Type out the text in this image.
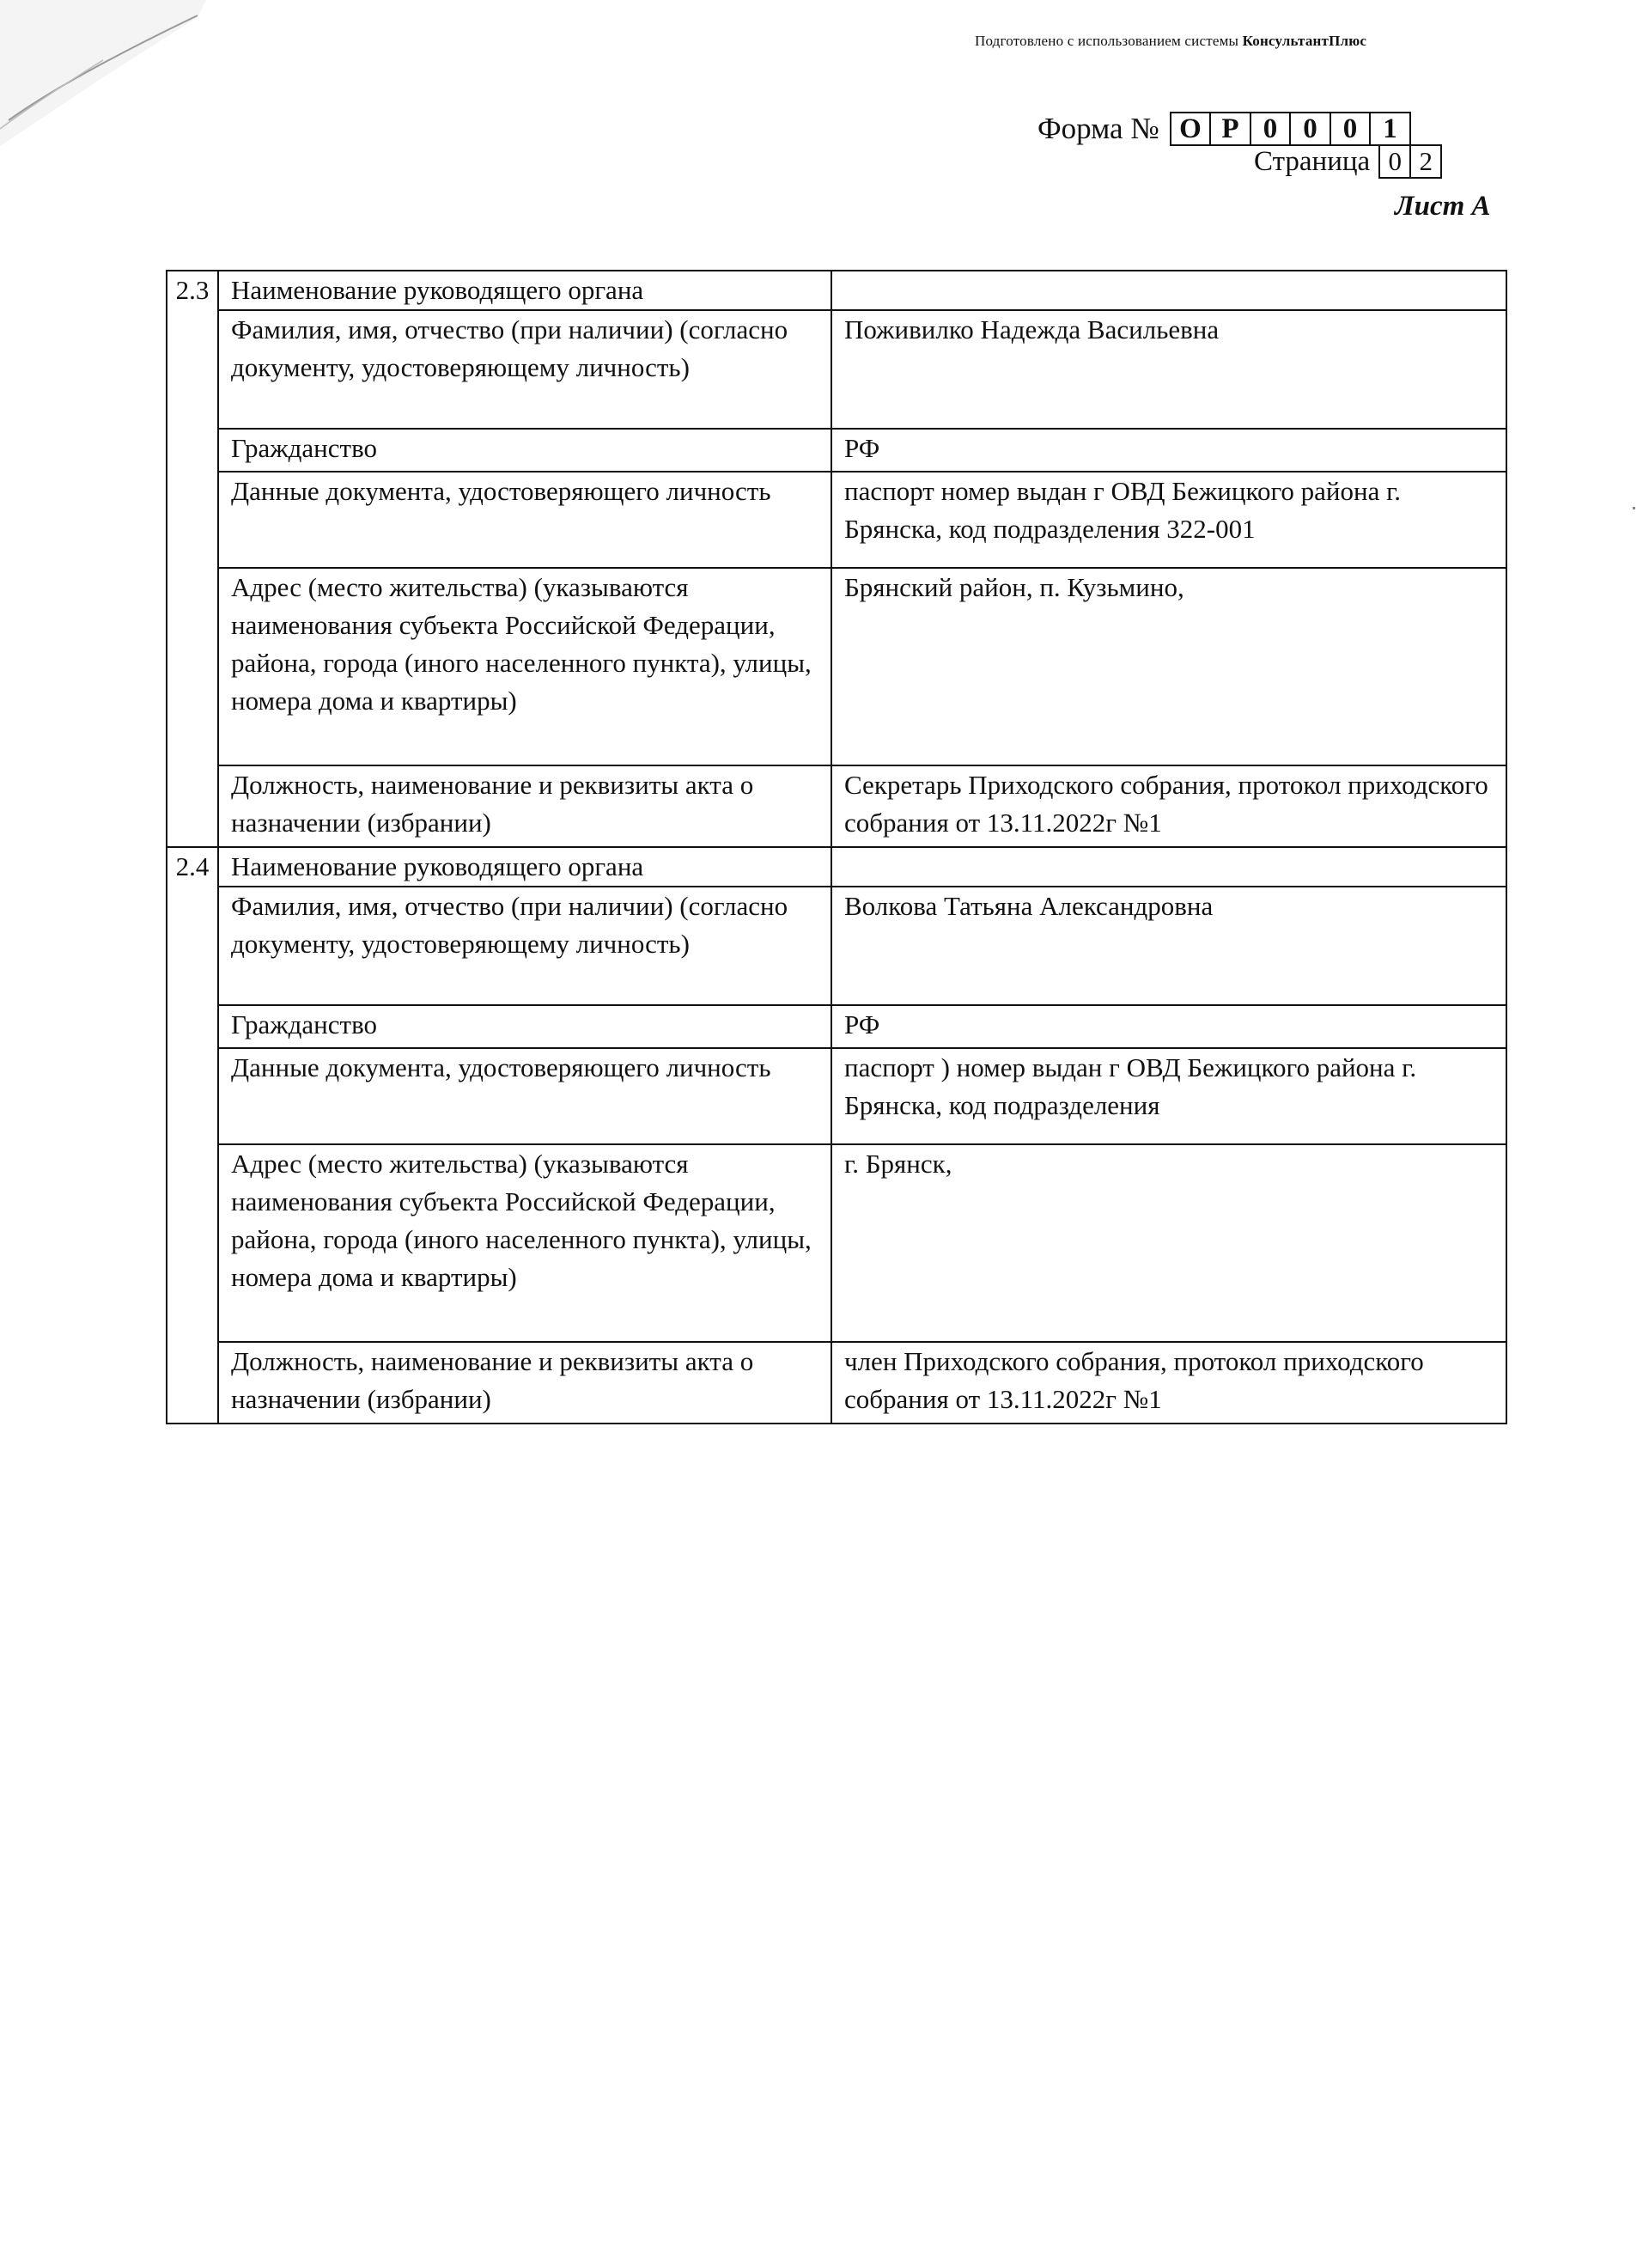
Подготовлено с использованием системы КонсультантПлюс
Форма № О Р 0 0 0 1
Страница 0 2
Лист А
2.3	Наименование руководящего органа	
	Фамилия, имя, отчество (при наличии) (согласно документу, удостоверяющему личность)	Поживилко Надежда Васильевна
	Гражданство	РФ
	Данные документа, удостоверяющего личность	паспорт номер выдан г ОВД Бежицкого района г. Брянска, код подразделения 322-001
	Адрес (место жительства) (указываются наименования субъекта Российской Федерации, района, города (иного населенного пункта), улицы, номера дома и квартиры)	Брянский район, п. Кузьмино,
	Должность, наименование и реквизиты акта о назначении (избрании)	Секретарь Приходского собрания, протокол приходского собрания от 13.11.2022г №1
2.4	Наименование руководящего органа	
	Фамилия, имя, отчество (при наличии) (согласно документу, удостоверяющему личность)	Волкова Татьяна Александровна
	Гражданство	РФ
	Данные документа, удостоверяющего личность	паспорт ) номер выдан г ОВД Бежицкого района г. Брянска, код подразделения
	Адрес (место жительства) (указываются наименования субъекта Российской Федерации, района, города (иного населенного пункта), улицы, номера дома и квартиры)	г. Брянск,
	Должность, наименование и реквизиты акта о назначении (избрании)	член Приходского собрания, протокол приходского собрания от 13.11.2022г №1
